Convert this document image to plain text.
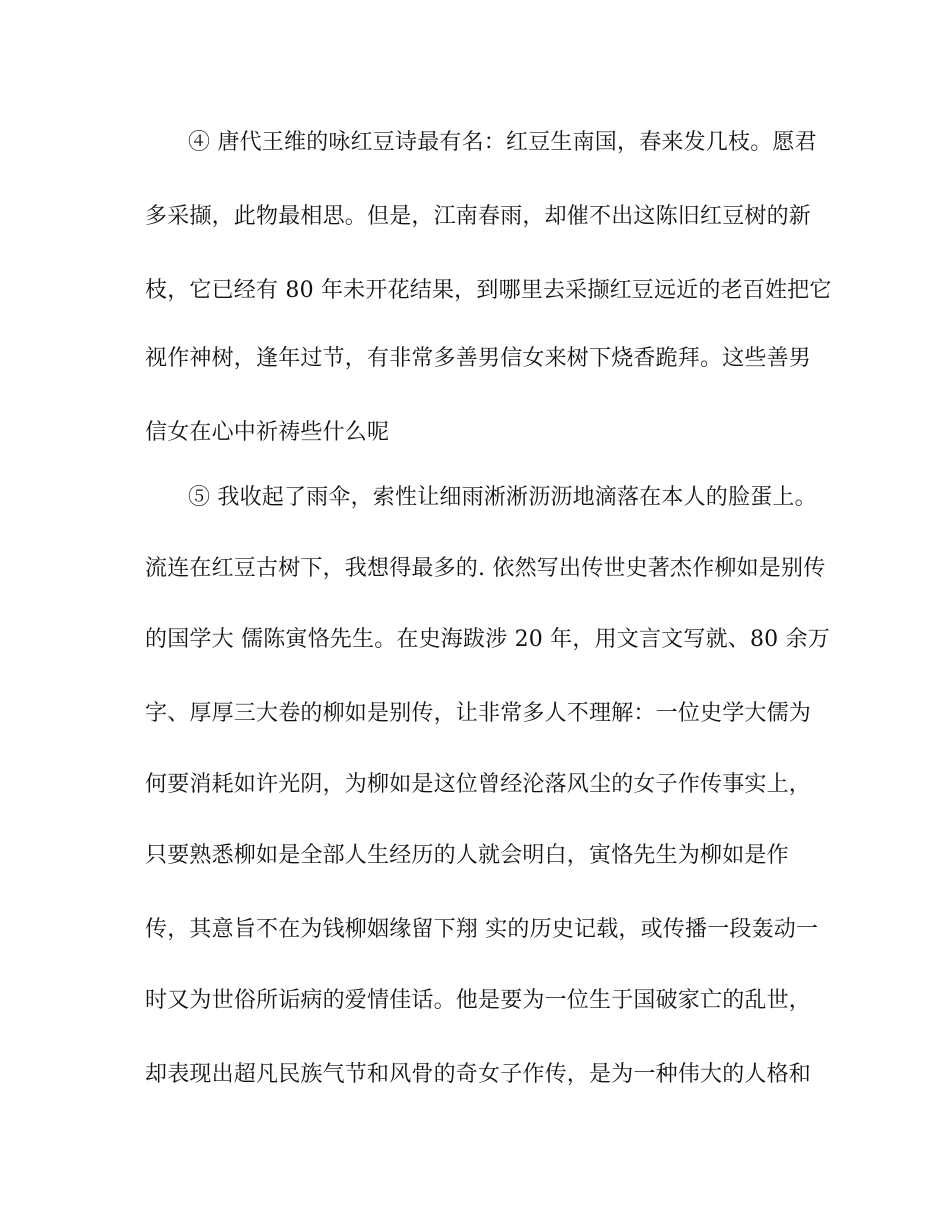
④ 唐代王维的咏红豆诗最有名：红豆生南国，春来发几枝。愿君
多采撷，此物最相思。但是，江南春雨，却催不出这陈旧红豆树的新
枝，它已经有 80 年未开花结果，到哪里去采撷红豆远近的老百姓把它
视作神树，逢年过节，有非常多善男信女来树下烧香跪拜。这些善男
信女在心中祈祷些什么呢
⑤ 我收起了雨伞，索性让细雨淅淅沥沥地滴落在本人的脸蛋上。
流连在红豆古树下，我想得最多的. 依然写出传世史著杰作柳如是别传
的国学大 儒陈寅恪先生。在史海跋涉 20 年，用文言文写就、80 余万
字、厚厚三大卷的柳如是别传，让非常多人不理解：一位史学大儒为
何要消耗如许光阴，为柳如是这位曾经沦落风尘的女子作传事实上，
只要熟悉柳如是全部人生经历的人就会明白，寅恪先生为柳如是作
传，其意旨不在为钱柳姻缘留下翔 实的历史记载，或传播一段轰动一
时又为世俗所诟病的爱情佳话。他是要为一位生于国破家亡的乱世，
却表现出超凡民族气节和风骨的奇女子作传，是为一种伟大的人格和
